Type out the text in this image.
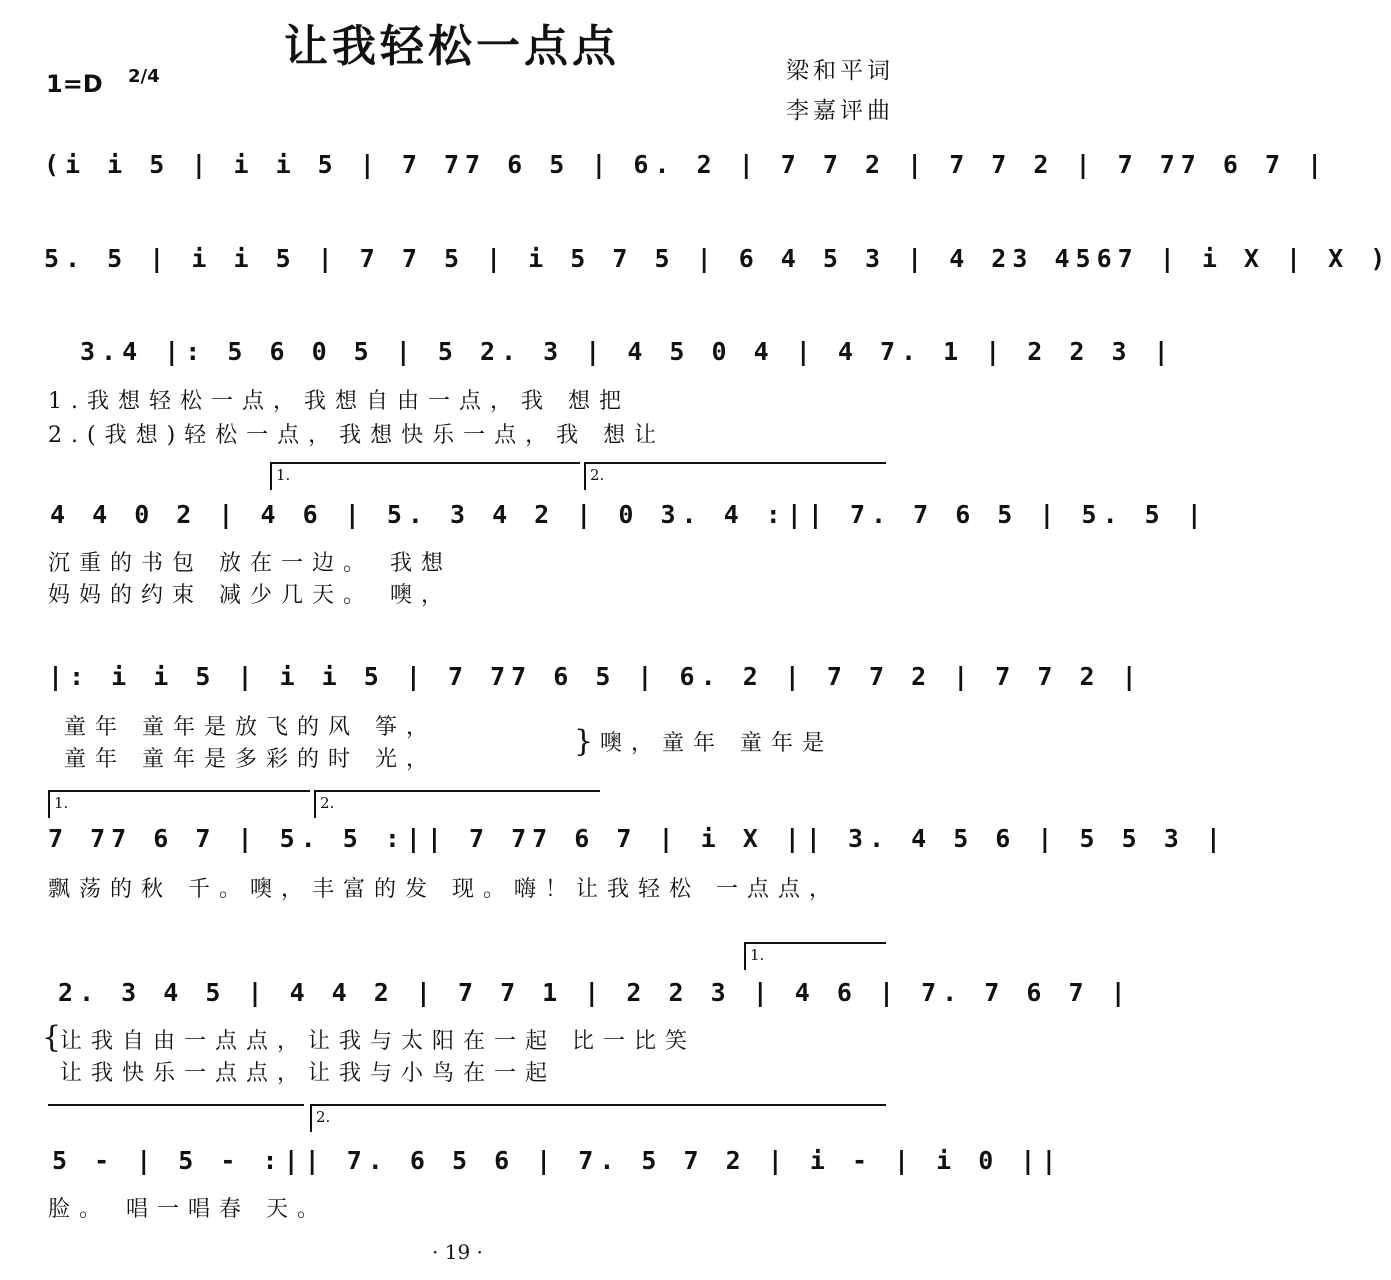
让我轻松一点点
1=D 2/4	梁和平词
李嘉评曲
(i i 5 | i i 5 | 7 77 6 5 | 6. 2 | 7 7 2 | 7 7 2 | 7 77 6 7 |
5. 5 | i i 5 | 7 7 5 | i 5 7 5 | 6 4 5 3 | 4 23 4567 | i X | X )
3.4 |: 5 6 0 5 | 5 2. 3 | 4 5 0 4 | 4 7. 1 | 2 2 3 |
1.我想轻松一点，我想自由一点，我 想把
2.(我想)轻松一点，我想快乐一点，我 想让
1.	2.
4 4 0 2 | 4 6 | 5. 3 4 2 | 0 3. 4 :|| 7. 7 6 5 | 5. 5 |
沉重的书包 放在一边。 我想
妈妈的约束 减少几天。 噢，
|: i i 5 | i i 5 | 7 77 6 5 | 6. 2 | 7 7 2 | 7 7 2 |
童年 童年是放飞的风 筝，
童年 童年是多彩的时 光，
} 噢，童年 童年是
1.	2.
7 77 6 7 | 5. 5 :|| 7 77 6 7 | i X || 3. 4 5 6 | 5 5 3 |
飘荡的秋 千。噢，丰富的发 现。嗨！让我轻松 一点点，
1.
2. 3 4 5 | 4 4 2 | 7 7 1 | 2 2 3 | 4 6 | 7. 7 6 7 |
{
让我自由一点点，让我与太阳在一起 比一比笑
让我快乐一点点，让我与小鸟在一起
2.
5 - | 5 - :|| 7. 6 5 6 | 7. 5 7 2 | i - | i 0 ||
脸。 唱一唱春 天。
· 19 ·
